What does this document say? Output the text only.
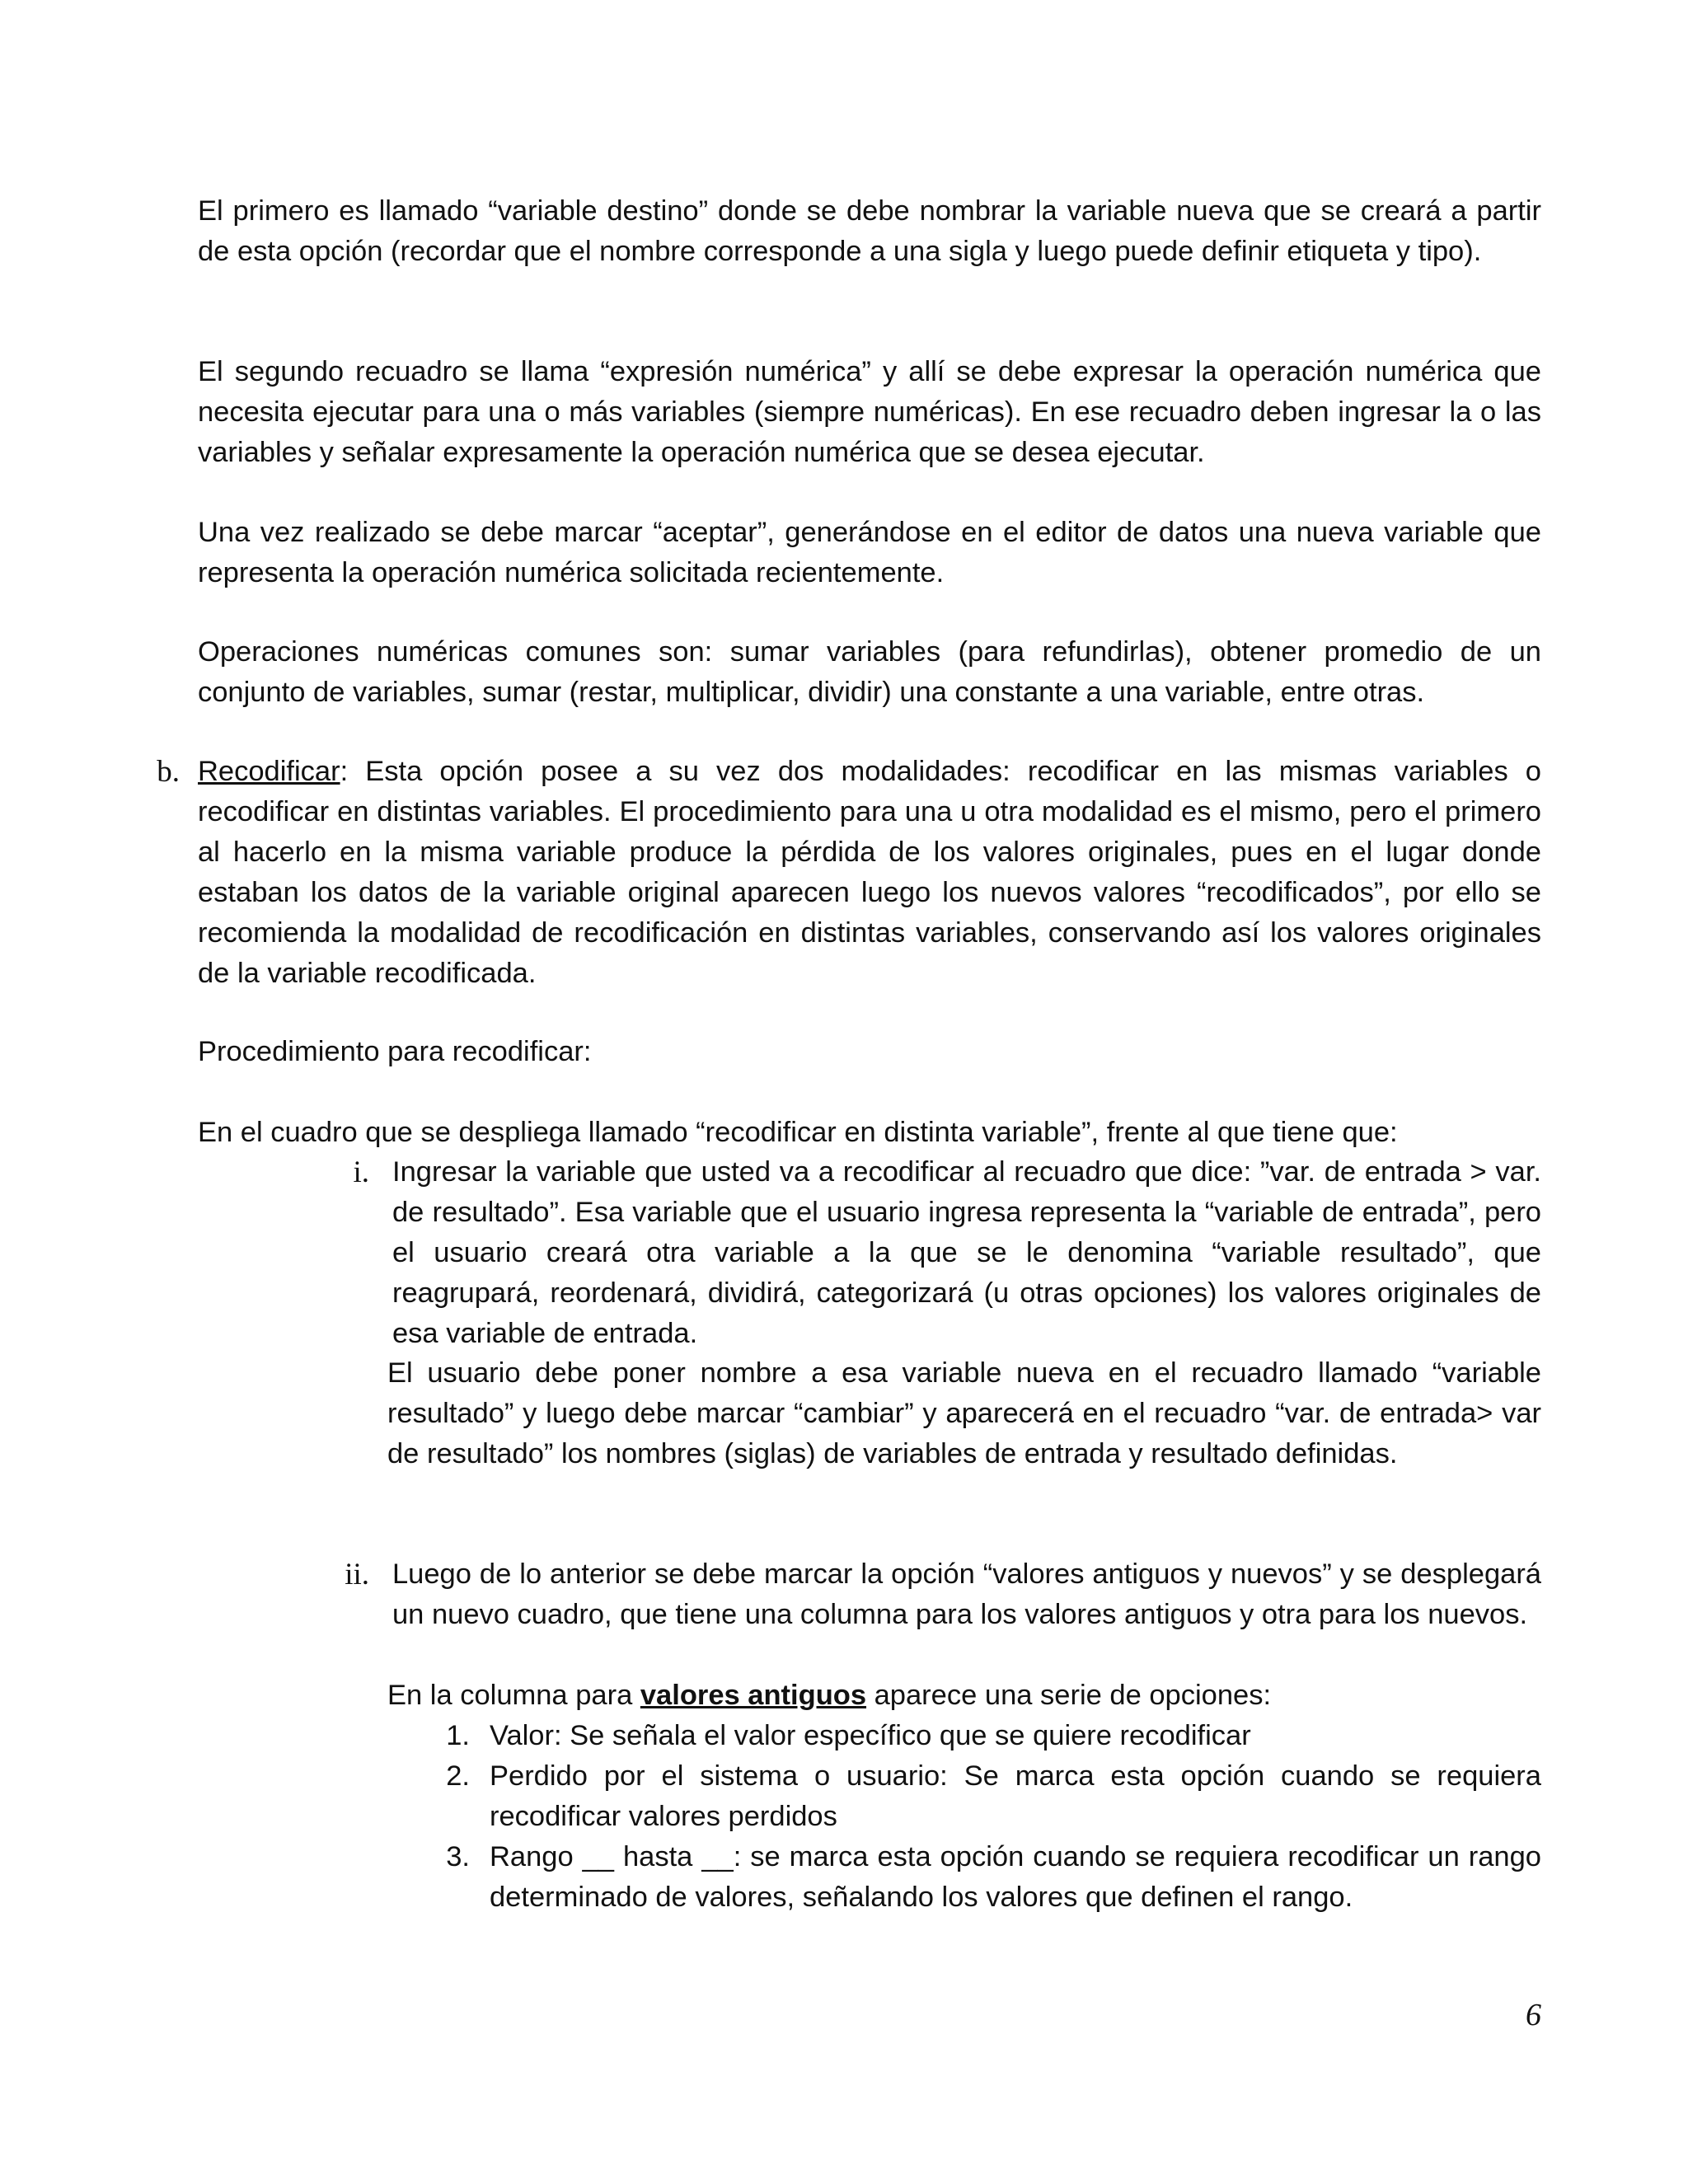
El primero es llamado “variable destino” donde se debe nombrar la variable nueva que se creará a partir de esta opción (recordar que el nombre corresponde a una sigla y luego puede definir etiqueta y tipo).

El segundo recuadro se llama “expresión numérica” y allí se debe expresar la operación numérica que necesita ejecutar para una o más variables (siempre numéricas). En ese recuadro deben ingresar la o las variables y señalar expresamente la operación numérica que se desea ejecutar.

Una vez realizado se debe marcar “aceptar”, generándose en el editor de datos una nueva variable que representa la operación numérica solicitada recientemente.

Operaciones numéricas comunes son: sumar variables (para refundirlas), obtener promedio de un conjunto de variables, sumar (restar, multiplicar, dividir) una constante a una variable, entre otras.

b. Recodificar: Esta opción posee a su vez dos modalidades: recodificar en las mismas variables o recodificar en distintas variables. El procedimiento para una u otra modalidad es el mismo, pero el primero al hacerlo en la misma variable produce la pérdida de los valores originales, pues en el lugar donde estaban los datos de la variable original aparecen luego los nuevos valores “recodificados”, por ello se recomienda la modalidad de recodificación en distintas variables, conservando así los valores originales de la variable recodificada.

Procedimiento para recodificar:

En el cuadro que se despliega llamado “recodificar en distinta variable”, frente al que tiene que:

i. Ingresar la variable que usted va a recodificar al recuadro que dice: ”var. de entrada > var. de resultado”. Esa variable que el usuario ingresa representa la “variable de entrada”, pero el usuario creará otra variable a la que se le denomina “variable resultado”, que reagrupará, reordenará, dividirá, categorizará (u otras opciones) los valores originales de esa variable de entrada.

El usuario debe poner nombre a esa variable nueva en el recuadro llamado “variable resultado” y luego debe marcar “cambiar” y aparecerá en el recuadro “var. de entrada> var de resultado” los nombres (siglas) de variables de entrada y resultado definidas.

ii. Luego de lo anterior se debe marcar la opción “valores antiguos y nuevos” y se desplegará un nuevo cuadro, que tiene una columna para los valores antiguos y otra para los nuevos.

En la columna para valores antiguos aparece una serie de opciones:

1. Valor: Se señala el valor específico que se quiere recodificar

2. Perdido por el sistema o usuario: Se marca esta opción cuando se requiera recodificar valores perdidos

3. Rango __ hasta __: se marca esta opción cuando se requiera recodificar un rango determinado de valores, señalando los valores que definen el rango.

6
